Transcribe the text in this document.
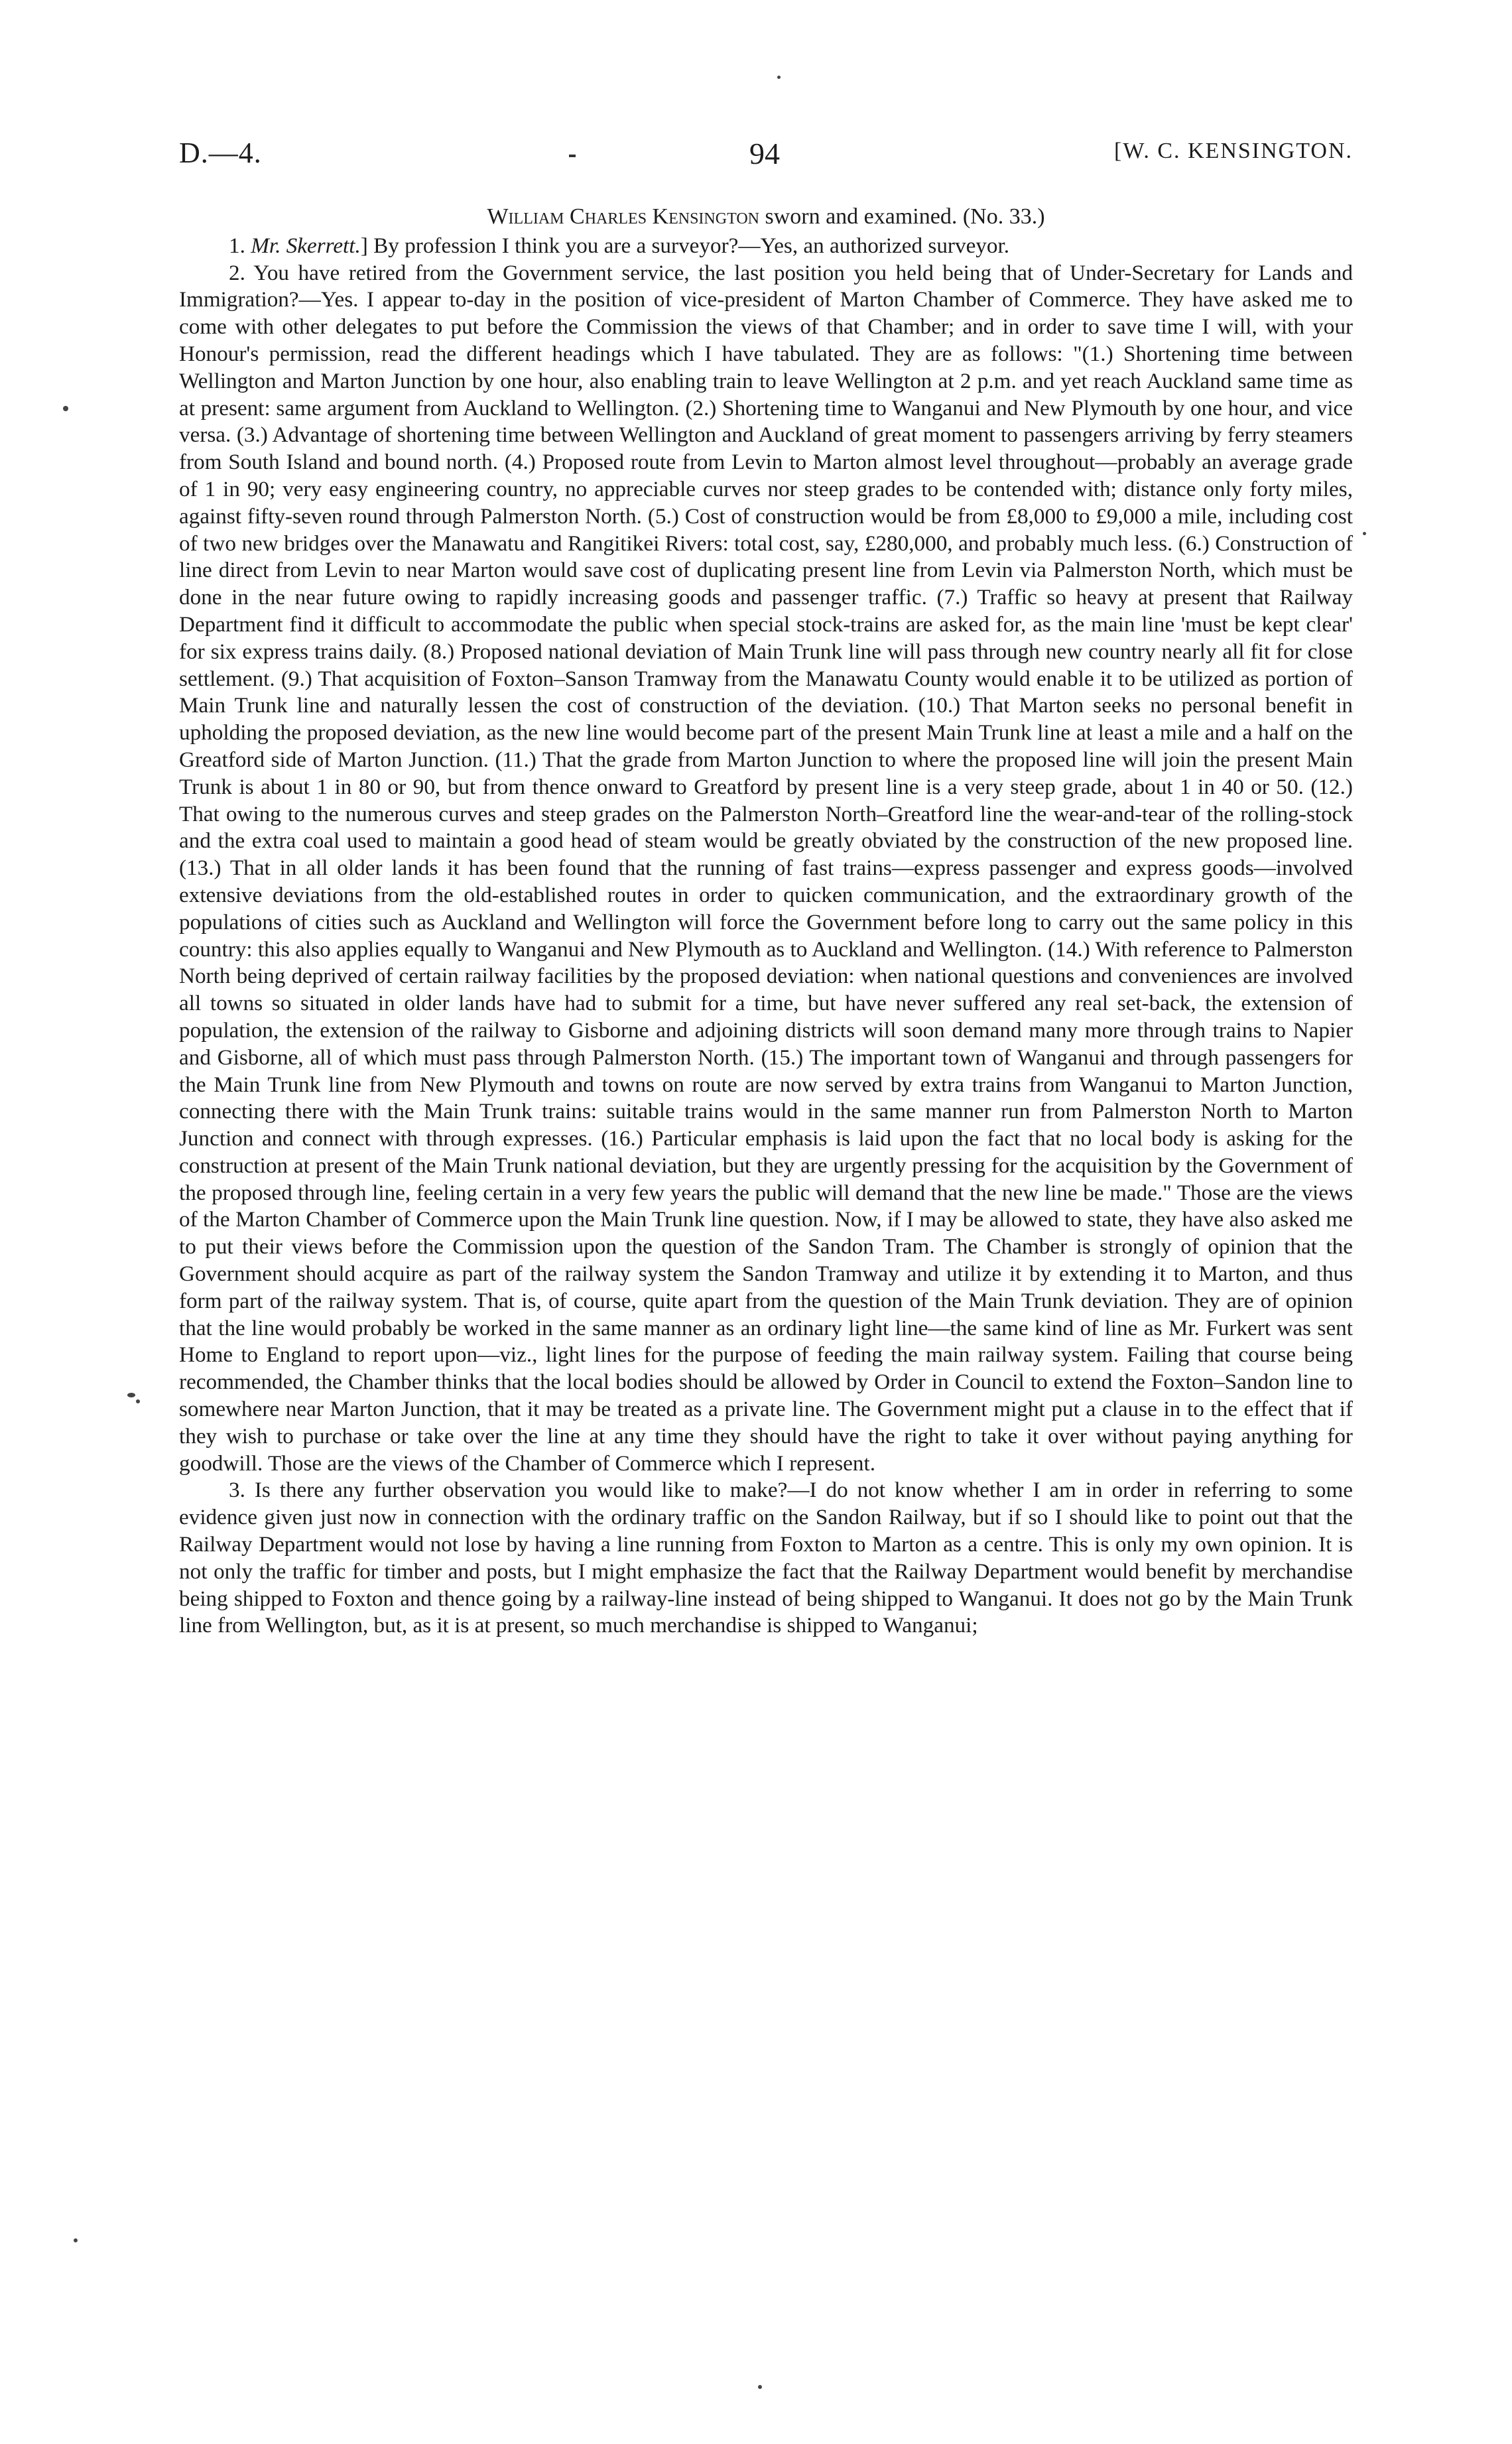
D.—4.	94	[W. C. KENSINGTON.

William Charles Kensington sworn and examined. (No. 33.)

1. Mr. Skerrett.] By profession I think you are a surveyor?—Yes, an authorized surveyor.

2. You have retired from the Government service, the last position you held being that of Under-Secretary for Lands and Immigration?—Yes. I appear to-day in the position of vice-president of Marton Chamber of Commerce. They have asked me to come with other delegates to put before the Commission the views of that Chamber; and in order to save time I will, with your Honour's permission, read the different headings which I have tabulated. They are as follows: "(1.) Shortening time between Wellington and Marton Junction by one hour, also enabling train to leave Wellington at 2 p.m. and yet reach Auckland same time as at present: same argument from Auckland to Wellington. (2.) Shortening time to Wanganui and New Plymouth by one hour, and vice versa. (3.) Advantage of shortening time between Wellington and Auckland of great moment to passengers arriving by ferry steamers from South Island and bound north. (4.) Proposed route from Levin to Marton almost level throughout—probably an average grade of 1 in 90; very easy engineering country, no appreciable curves nor steep grades to be contended with; distance only forty miles, against fifty-seven round through Palmerston North. (5.) Cost of construction would be from £8,000 to £9,000 a mile, including cost of two new bridges over the Manawatu and Rangitikei Rivers: total cost, say, £280,000, and probably much less. (6.) Construction of line direct from Levin to near Marton would save cost of duplicating present line from Levin via Palmerston North, which must be done in the near future owing to rapidly increasing goods and passenger traffic. (7.) Traffic so heavy at present that Railway Department find it difficult to accommodate the public when special stock-trains are asked for, as the main line 'must be kept clear' for six express trains daily. (8.) Proposed national deviation of Main Trunk line will pass through new country nearly all fit for close settlement. (9.) That acquisition of Foxton–Sanson Tramway from the Manawatu County would enable it to be utilized as portion of Main Trunk line and naturally lessen the cost of construction of the deviation. (10.) That Marton seeks no personal benefit in upholding the proposed deviation, as the new line would become part of the present Main Trunk line at least a mile and a half on the Greatford side of Marton Junction. (11.) That the grade from Marton Junction to where the proposed line will join the present Main Trunk is about 1 in 80 or 90, but from thence onward to Greatford by present line is a very steep grade, about 1 in 40 or 50. (12.) That owing to the numerous curves and steep grades on the Palmerston North–Greatford line the wear-and-tear of the rolling-stock and the extra coal used to maintain a good head of steam would be greatly obviated by the construction of the new proposed line. (13.) That in all older lands it has been found that the running of fast trains—express passenger and express goods—involved extensive deviations from the old-established routes in order to quicken communication, and the extraordinary growth of the populations of cities such as Auckland and Wellington will force the Government before long to carry out the same policy in this country: this also applies equally to Wanganui and New Plymouth as to Auckland and Wellington. (14.) With reference to Palmerston North being deprived of certain railway facilities by the proposed deviation: when national questions and conveniences are involved all towns so situated in older lands have had to submit for a time, but have never suffered any real set-back, the extension of population, the extension of the railway to Gisborne and adjoining districts will soon demand many more through trains to Napier and Gisborne, all of which must pass through Palmerston North. (15.) The important town of Wanganui and through passengers for the Main Trunk line from New Plymouth and towns on route are now served by extra trains from Wanganui to Marton Junction, connecting there with the Main Trunk trains: suitable trains would in the same manner run from Palmerston North to Marton Junction and connect with through expresses. (16.) Particular emphasis is laid upon the fact that no local body is asking for the construction at present of the Main Trunk national deviation, but they are urgently pressing for the acquisition by the Government of the proposed through line, feeling certain in a very few years the public will demand that the new line be made." Those are the views of the Marton Chamber of Commerce upon the Main Trunk line question. Now, if I may be allowed to state, they have also asked me to put their views before the Commission upon the question of the Sandon Tram. The Chamber is strongly of opinion that the Government should acquire as part of the railway system the Sandon Tramway and utilize it by extending it to Marton, and thus form part of the railway system. That is, of course, quite apart from the question of the Main Trunk deviation. They are of opinion that the line would probably be worked in the same manner as an ordinary light line—the same kind of line as Mr. Furkert was sent Home to England to report upon—viz., light lines for the purpose of feeding the main railway system. Failing that course being recommended, the Chamber thinks that the local bodies should be allowed by Order in Council to extend the Foxton–Sandon line to somewhere near Marton Junction, that it may be treated as a private line. The Government might put a clause in to the effect that if they wish to purchase or take over the line at any time they should have the right to take it over without paying anything for goodwill. Those are the views of the Chamber of Commerce which I represent.

3. Is there any further observation you would like to make?—I do not know whether I am in order in referring to some evidence given just now in connection with the ordinary traffic on the Sandon Railway, but if so I should like to point out that the Railway Department would not lose by having a line running from Foxton to Marton as a centre. This is only my own opinion. It is not only the traffic for timber and posts, but I might emphasize the fact that the Railway Department would benefit by merchandise being shipped to Foxton and thence going by a railway-line instead of being shipped to Wanganui. It does not go by the Main Trunk line from Wellington, but, as it is at present, so much merchandise is shipped to Wanganui;
